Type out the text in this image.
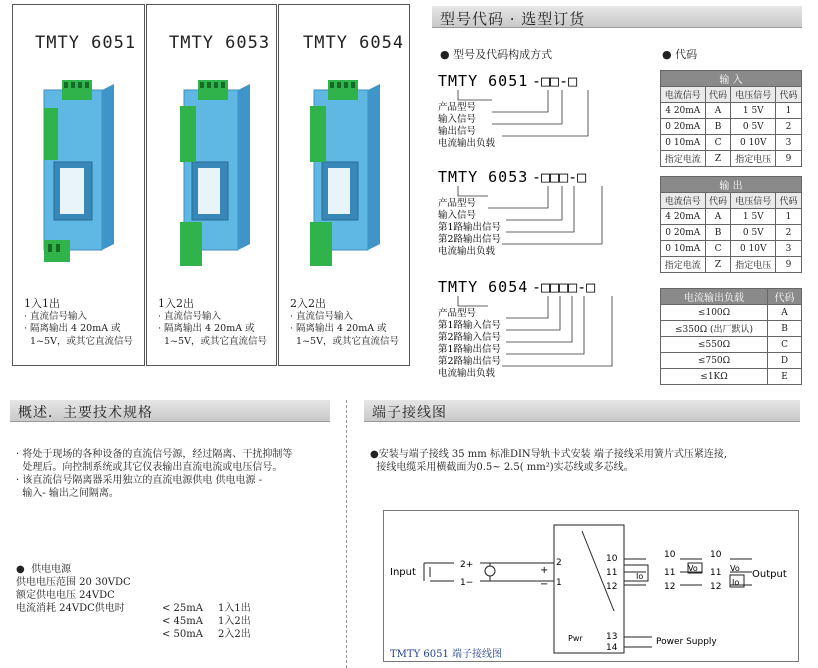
TMTY 6051 TMTY 6053 TMTY 6054
1入1出
· 直流信号输入
· 隔离输出 4 20mA 或
1~5V，或其它直流信号
1入2出
· 直流信号输入
· 隔离输出 4 20mA 或
1~5V，或其它直流信号
2入2出
· 直流信号输入
· 隔离输出 4 20mA 或
1~5V，或其它直流信号
型号代码 · 选型订货
● 型号及代码构成方式	● 代码
TMTY 6051 -□□-□
产品型号
输入信号
输出信号
电流输出负载
TMTY 6053 -□□□-□
产品型号
输入信号
第1路输出信号
第2路输出信号
电流输出负载
TMTY 6054 -□□□□-□
产品型号
第1路输入信号
第2路输入信号
第1路输出信号
第2路输出信号
电流输出负载
输 入			
电流信号	代码	电压信号	代码
4 20mA	A	1 5V	1
0 20mA	B	0 5V	2
0 10mA	C	0 10V	3
指定电流	Z	指定电压	9
输 出			
电流信号	代码	电压信号	代码
4 20mA	A	1 5V	1
0 20mA	B	0 5V	2
0 10mA	C	0 10V	3
指定电流	Z	指定电压	9
电流输出负载	代码
≤100Ω	A
≤350Ω (出厂默认)	B
≤550Ω	C
≤750Ω	D
≤1KΩ	E
概述．主要技术规格
· 将处于现场的各种设备的直流信号源，经过隔离、干扰抑制等
处理后。向控制系统或其它仪表输出直流电流或电压信号。
· 该直流信号隔离器采用独立的直流电源供电 供电电源 -
输入- 输出之间隔离。
●  供电电源
供电电压范围 20 30VDC
额定供电电压 24VDC
电流消耗 24VDC供电时	< 25mA 1入1出
< 45mA 1入2出
< 50mA 2入2出
端子接线图
●安装与端子接线 35 mm 标准DIN导轨卡式安装 端子接线采用簧片式压紧连接,
接线电缆采用横截面为0.5~ 2.5( mm²)实芯线或多芯线。
Input
2+
1−
2
1
+
−
10
11
12
Io
13
14
Power Supply
Pwr
10
11
12
Vo
10
11
12
Vo
Io
Output
TMTY 6051 端子接线图
